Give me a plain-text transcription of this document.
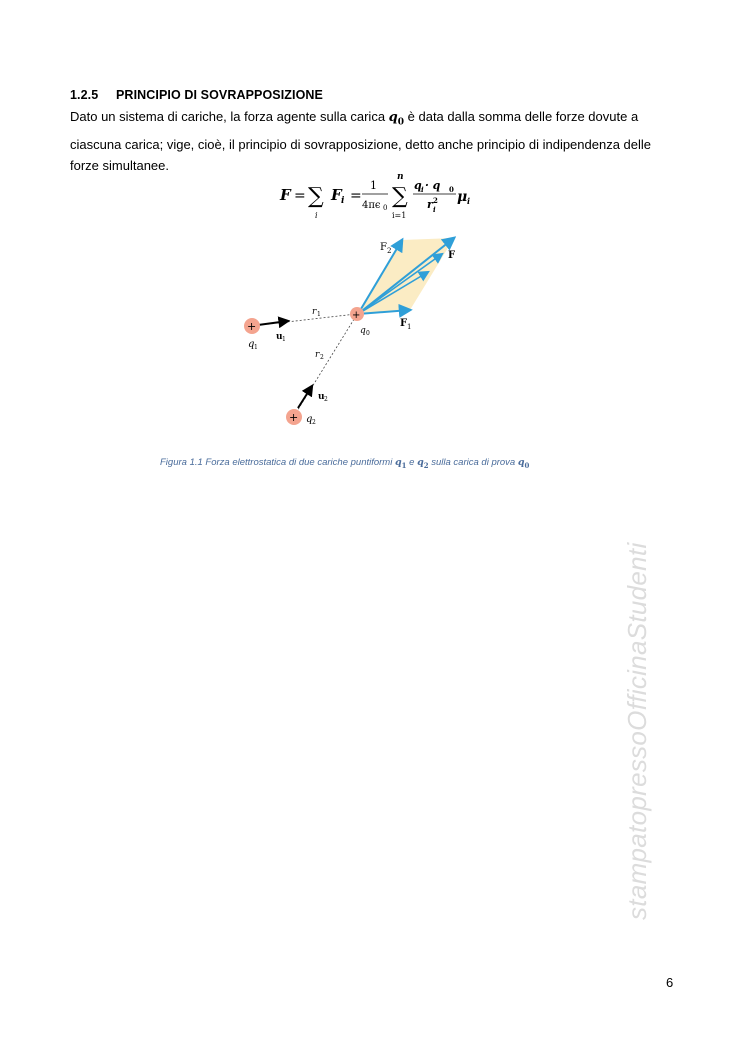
1.2.5 PRINCIPIO DI SOVRAPPOSIZIONE
Dato un sistema di cariche, la forza agente sulla carica $q_0$ è data dalla somma delle forze dovute a ciascuna carica; vige, cioè, il principio di sovrapposizione, detto anche principio di indipendenza delle forze simultanee.
F = ∑
i
F i =
1
4πϵ 0 ∑
n
i=1
q i · q 0
r i
2 μ i
+
+
+
F 2	F
F 1
r 1
r 2
q 0
q 1
u 1
u 2
q 2
Figura 1.1 Forza elettrostatica di due cariche puntiformi $q_1$ e $q_2$ sulla carica di prova $q_0$
stampatopressoOfficinaStudenti
6
